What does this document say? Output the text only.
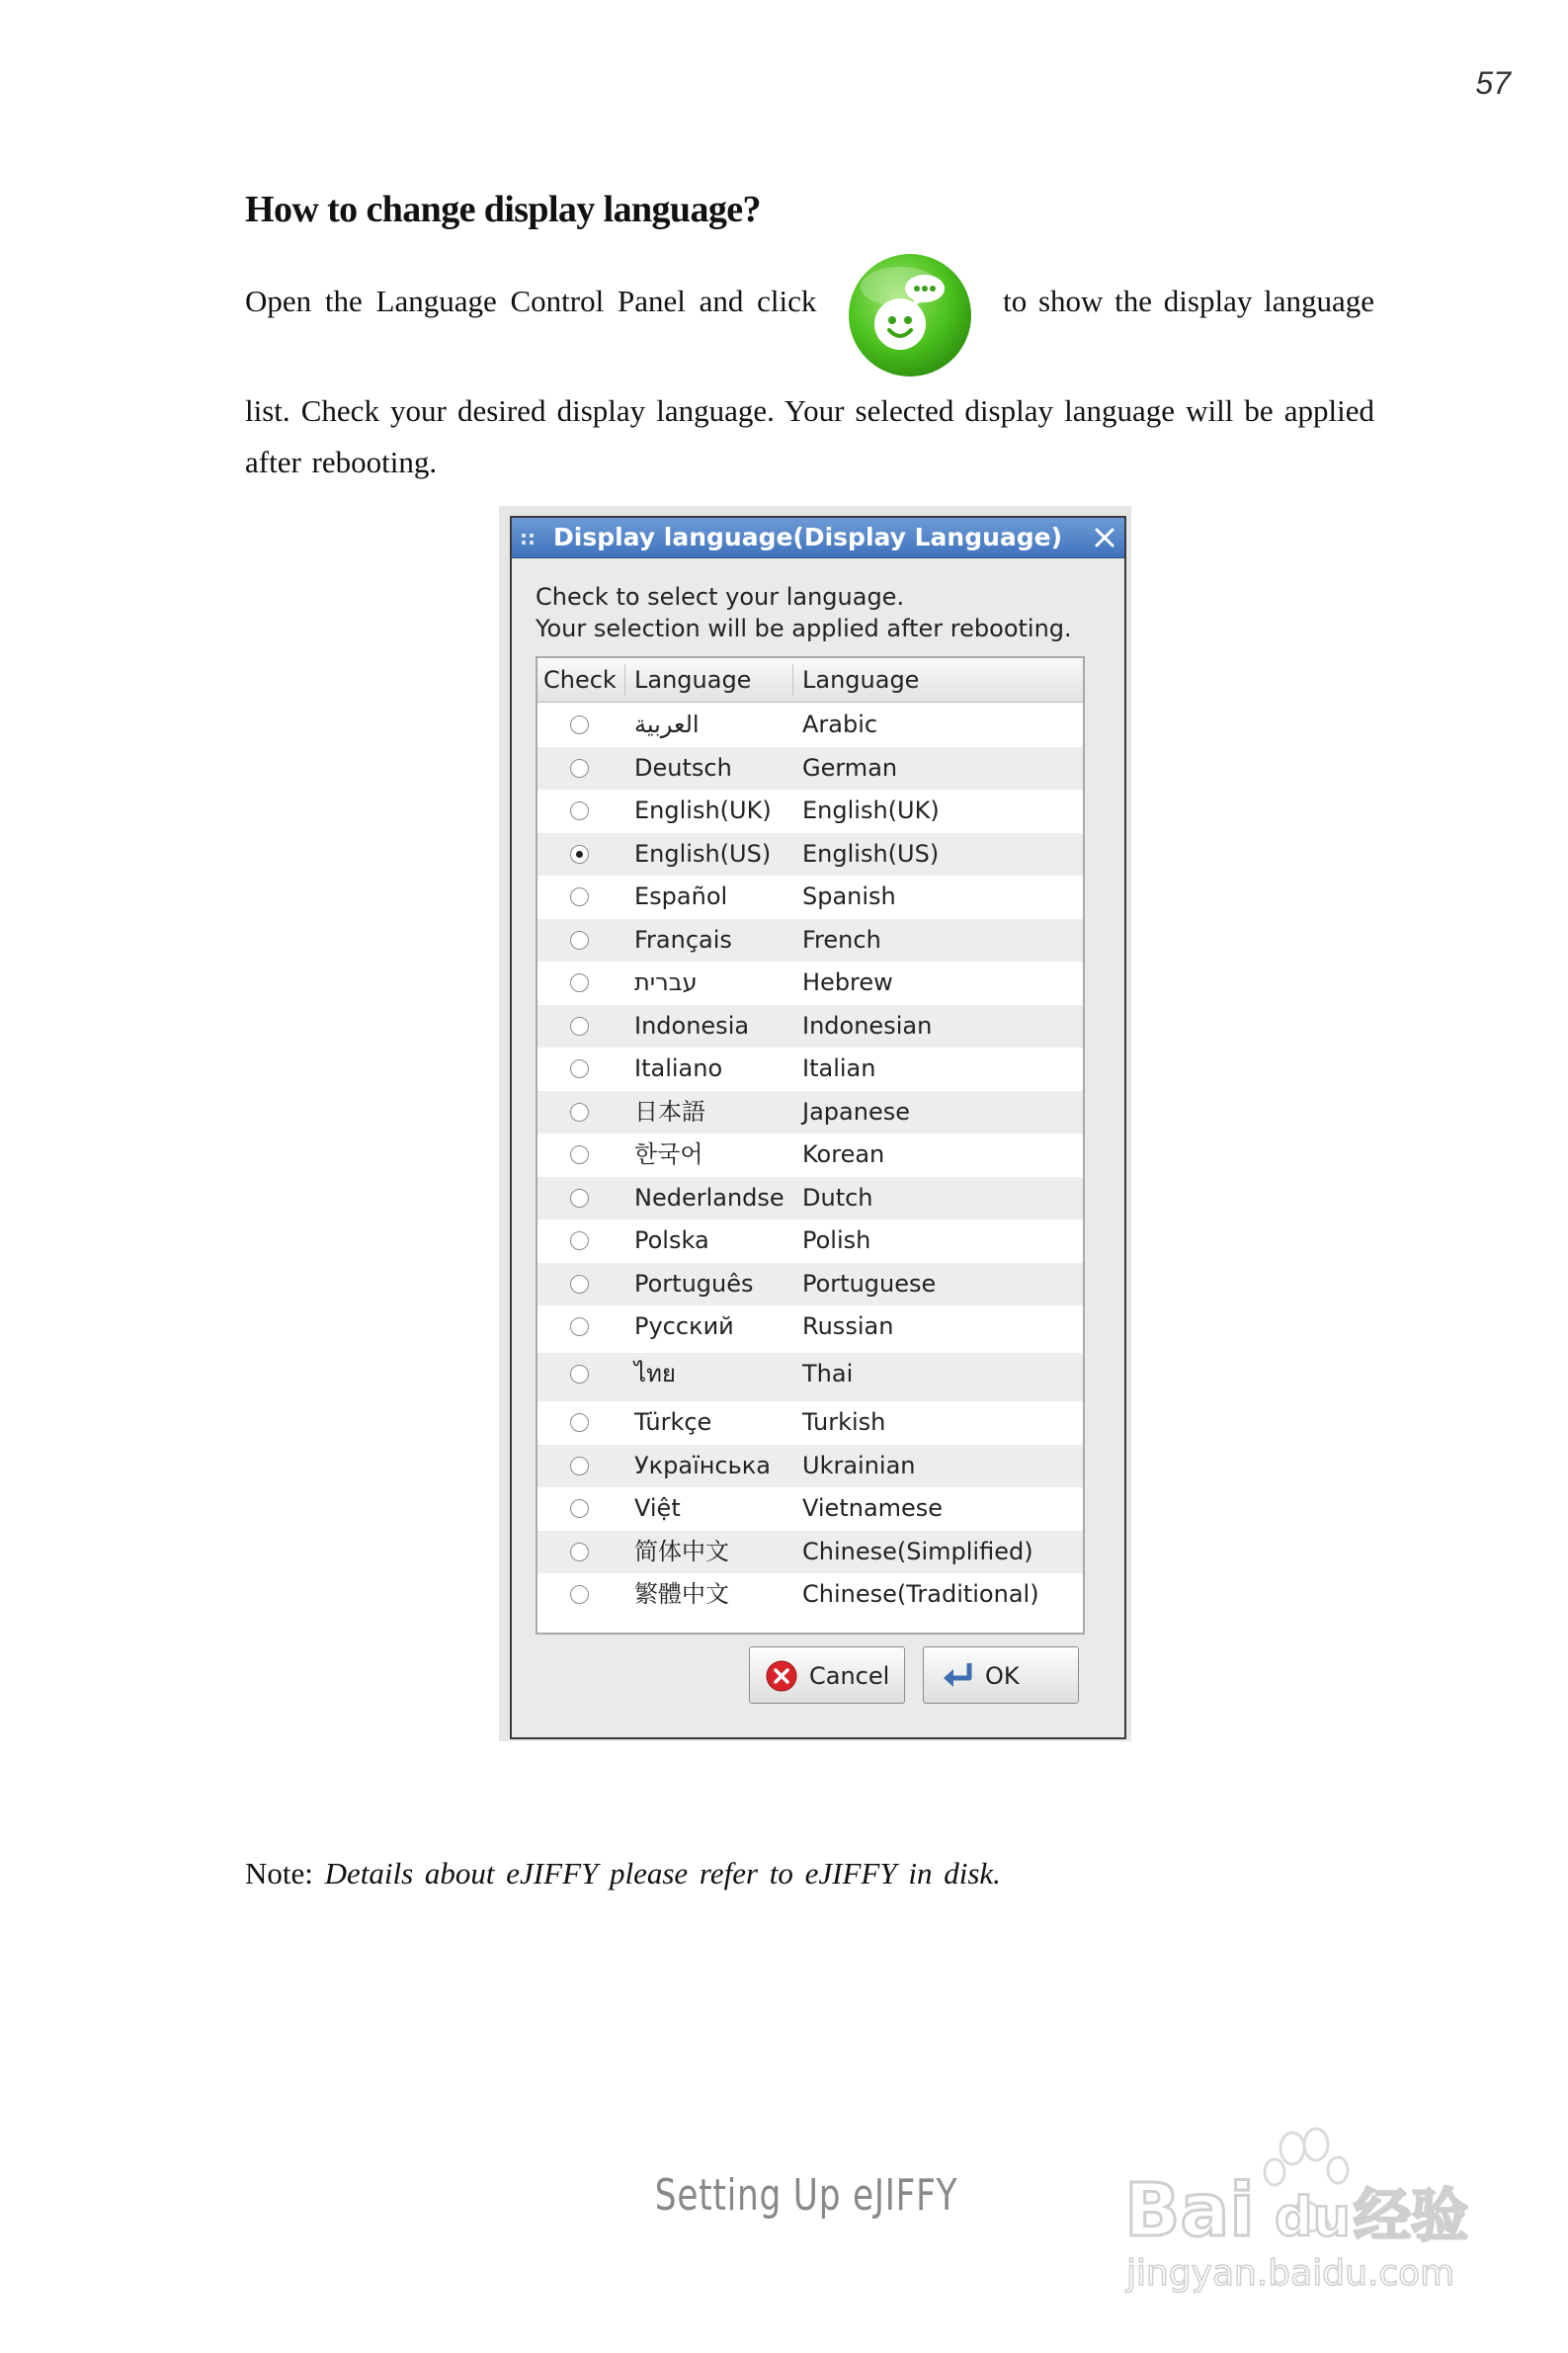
57
How to change display language?
Open the Language Control Panel and click	to show the display language
list. Check your desired display language. Your selected display language will be applied after rebooting.
:: Display language(Display Language)
Check to select your language.
Your selection will be applied after rebooting.
Check Language Language
العربية	Arabic
Deutsch	German
English(UK) English(UK)
English(US) English(US)
Español	Spanish
Français	French
עברית	Hebrew
Indonesia Indonesian
Italiano	Italian
日本語	Japanese
한국어	Korean
Nederlandse Dutch
Polska	Polish
Português Portuguese
Русский	Russian
ไทย	Thai
Türkçe	Turkish
Українська Ukrainian
Việt	Vietnamese
简体中文	Chinese(Simplified)
繁體中文	Chinese(Traditional)
Cancel	OK
Note: Details about eJIFFY please refer to eJIFFY in disk.
Setting Up eJIFFY	Bai du 经验
jingyan.baidu.com
